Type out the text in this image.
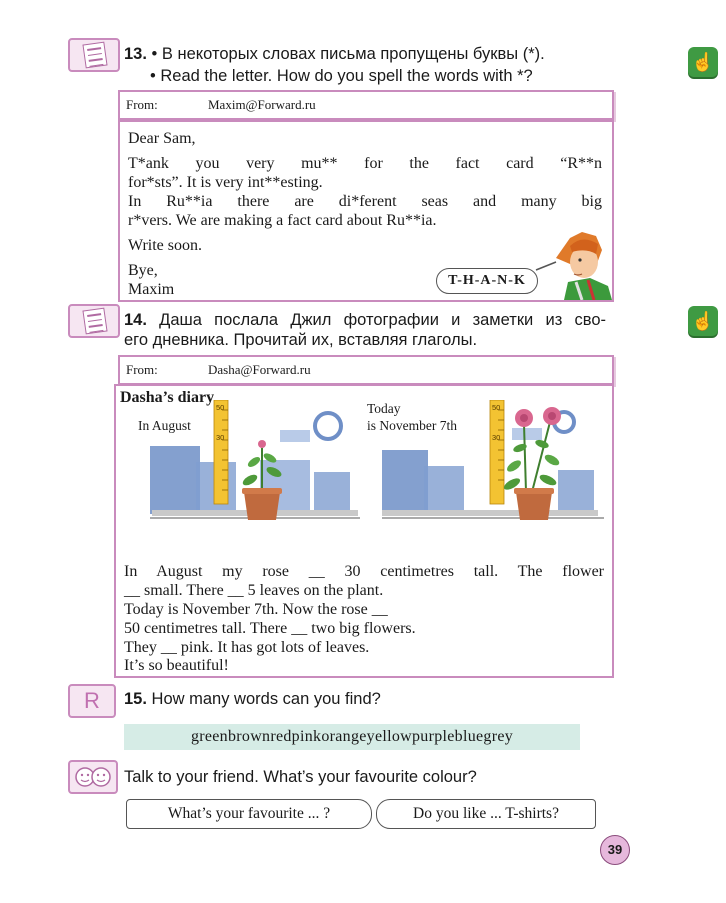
☝
13. • В некоторых словах письма пропущены буквы (*).
• Read the letter. How do you spell the words with *?
From:	Maxim@Forward.ru
Dear Sam,
T*ank you very mu** for the fact card “R**n
for*sts”. It is very int**esting.
In Ru**ia there are di*ferent seas and many big
r*vers. We are making a fact card about Ru**ia.
Write soon.
Bye,
Maxim
T-H-A-N-K
☝
14. Даша послала Джил фотографии и заметки из сво-
его дневника. Прочитай их, вставляя глаголы.
From:	Dasha@Forward.ru
Dasha’s diary
In August
Today
is November 7th
50
30
50
30
In August my rose __ 30 centimetres tall. The flower
__ small. There __ 5 leaves on the plant.
Today is November 7th. Now the rose __
50 centimetres tall. There __ two big flowers.
They __ pink. It has got lots of leaves.
It’s so beautiful!
R	15. How many words can you find?
greenbrownredpinkorangeyellowpurplebluegrey
Talk to your friend. What’s your favourite colour?
What’s your favourite ... ?	Do you like ... T-shirts?
39
